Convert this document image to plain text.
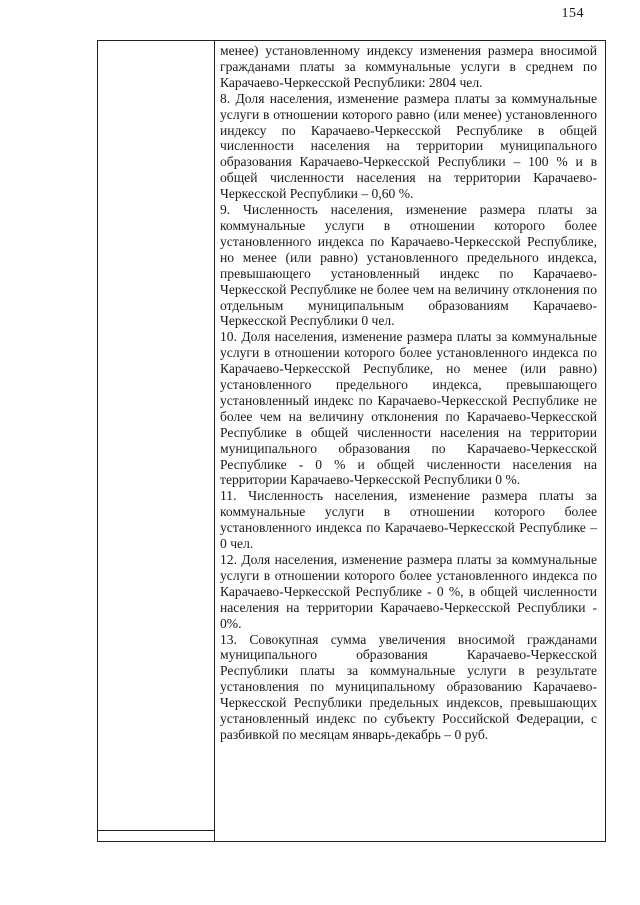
154

менее) установленному индексу изменения размера вносимой гражданами платы за коммунальные услуги в среднем по Карачаево-Черкесской Республики: 2804 чел.

8. Доля населения, изменение размера платы за коммунальные услуги в отношении которого равно (или менее) установленного индексу по Карачаево-Черкесской Республике в общей численности населения на территории муниципального образования Карачаево-Черкесской Республики – 100 % и в общей численности населения на территории Карачаево-Черкесской Республики – 0,60 %.

9. Численность населения, изменение размера платы за коммунальные услуги в отношении которого более установленного индекса по Карачаево-Черкесской Республике, но менее (или равно) установленного предельного индекса, превышающего установленный индекс по Карачаево-Черкесской Республике не более чем на величину отклонения по отдельным муниципальным образованиям Карачаево-Черкесской Республики 0 чел.

10. Доля населения, изменение размера платы за коммунальные услуги в отношении которого более установленного индекса по Карачаево-Черкесской Республике, но менее (или равно) установленного предельного индекса, превышающего установленный индекс по Карачаево-Черкесской Республике не более чем на величину отклонения по Карачаево-Черкесской Республике в общей численности населения на территории муниципального образования по Карачаево-Черкесской Республике - 0 % и общей численности населения на территории Карачаево-Черкесской Республики 0 %.

11. Численность населения, изменение размера платы за коммунальные услуги в отношении которого более установленного индекса по Карачаево-Черкесской Республике – 0 чел.

12. Доля населения, изменение размера платы за коммунальные услуги в отношении которого более установленного индекса по Карачаево-Черкесской Республике - 0 %, в общей численности населения на территории Карачаево-Черкесской Республики - 0%.

13. Совокупная сумма увеличения вносимой гражданами муниципального образования Карачаево-Черкесской Республики платы за коммунальные услуги в результате установления по муниципальному образованию Карачаево-Черкесской Республики предельных индексов, превышающих установленный индекс по субъекту Российской Федерации, с разбивкой по месяцам январь-декабрь – 0 руб.
